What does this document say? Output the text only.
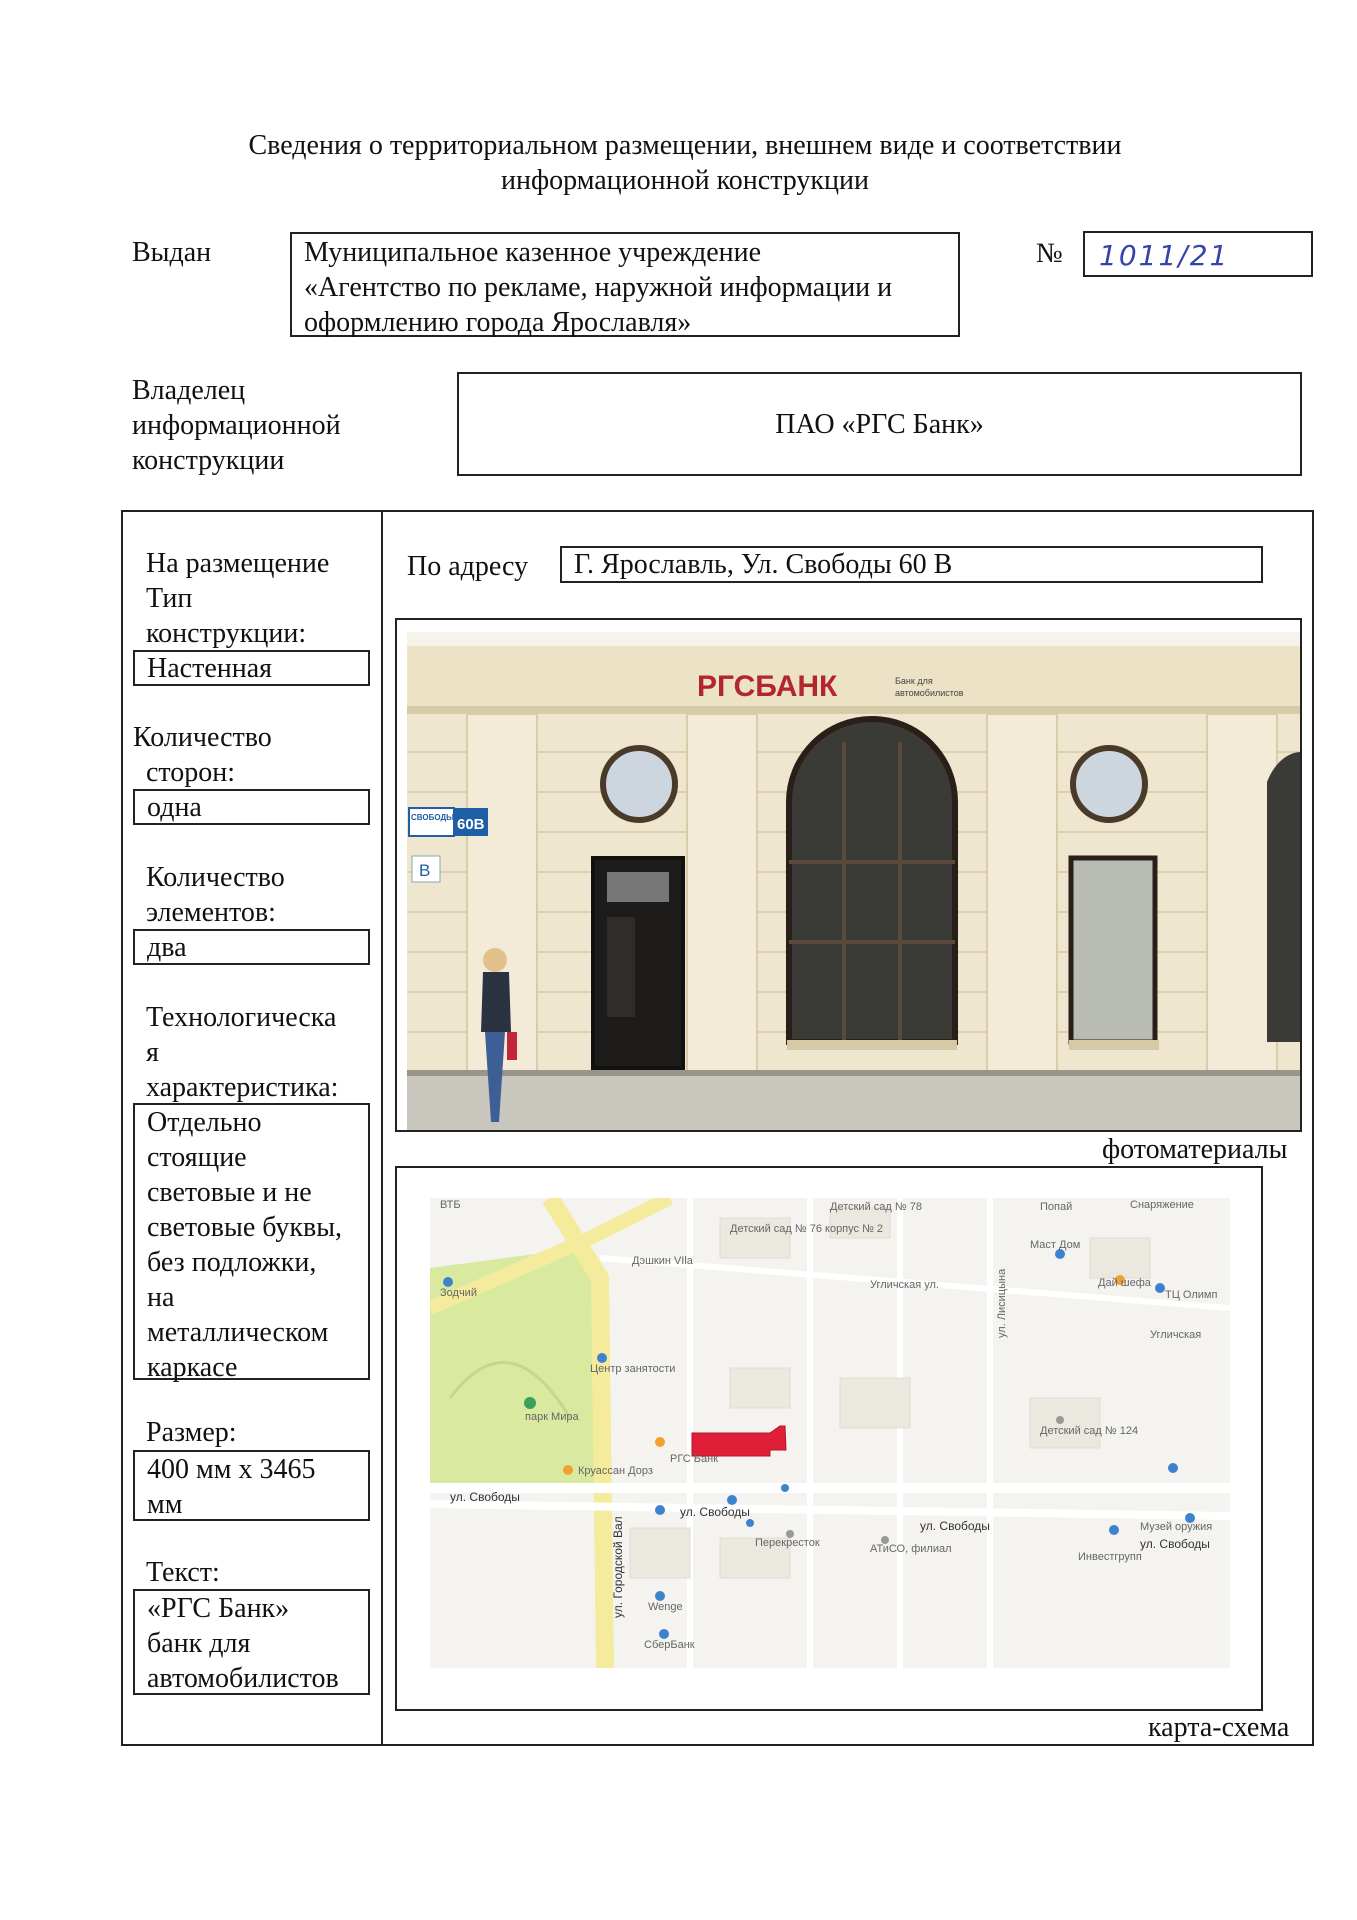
Сведения о территориальном размещении, внешнем виде и соответствии
информационной конструкции
Выдан	Муниципальное казенное учреждение
«Агентство по рекламе, наружной информации и
оформлению города Ярославля»
№	1011/21
Владелец
информационной
конструкции
ПАО «РГС Банк»
На размещение
Тип
конструкции:
Настенная
Количество
сторон:
одна
Количество
элементов:
два
Технологическа
я
характеристика:
Отдельно
стоящие
световые и не
световые буквы,
без подложки,
на
металлическом
каркасе
Размер:
400 мм х 3465
мм
Текст:
«РГС Банк»
банк для
автомобилистов
По адресу	Г. Ярославль, Ул. Свободы 60 В
РГСБАНК	Банк для
автомобилистов
СВОБОДЫ 60В
В
фотоматериалы
ВТБ
Дэшкин VIla
Детский сад № 78
Детский сад № 76 корпус № 2
Угличская ул.
Маст Дом
Дай шефа
ТЦ Олимп
Зодчий
Центр занятости
парк Мира
ул. Лисицына
Детский сад № 124
Круассан Дорз
РГС Банк
ул. Свободы
ул. Свободы
ул. Свободы
ул. Свободы
ул. Городской Вал	Музей оружия
Перекресток	АТиСО, филиал
Wenge
СберБанк
Инвестгрупп
Угличская
Снаряжение
Попай
карта-схема
